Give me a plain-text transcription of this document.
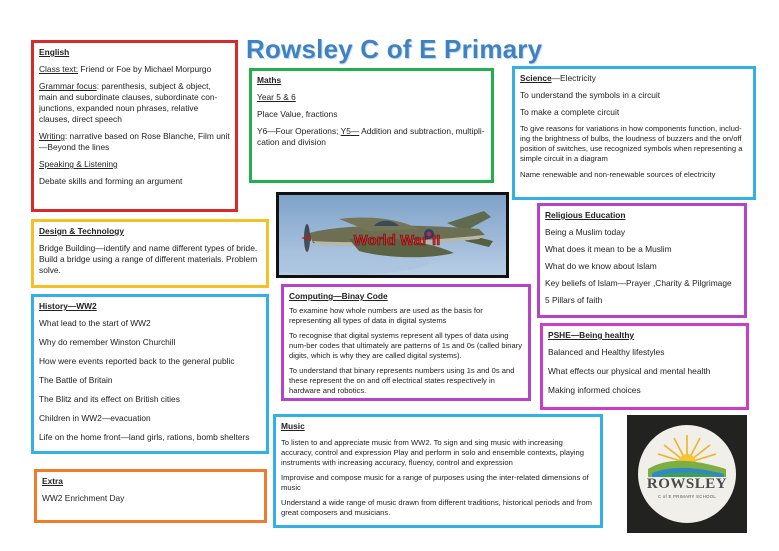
Rowsley C of E Primary

English

Class text: Friend or Foe by Michael Morpurgo

Grammar focus: parenthesis, subject & object, main and subordinate clauses, subordinate con-junctions, expanded noun phrases, relative clauses, direct speech

Writing: narrative based on Rose Blanche, Film unit—Beyond the lines

Speaking & Listening

Debate skills and forming an argument

Maths

Year 5 & 6

Place Value, fractions

Y6—Four Operations; Y5— Addition and subtraction, multipli-cation and division

Science—Electricity

To understand the symbols in a circuit

To make a complete circuit

To give reasons for variations in how components function, includ-ing the brightness of bulbs, the loudness of buzzers and the on/off position of switches, use recognized symbols when representing a simple circuit in a diagram

Name renewable and non-renewable sources of electricity

Design & Technology

Bridge Building—identify and name different types of bride. Build a bridge using a range of different materials. Problem solve.

World War II

Religious Education

Being a Muslim today

What does it mean to be a Muslim

What do we know about Islam

Key beliefs of Islam—Prayer ,Charity & Pilgrimage

5 Pillars of faith

History—WW2

What lead to the start of WW2

Why do remember Winston Churchill

How were events reported back to the general public

The Battle of Britain

The Blitz and its effect on British cities

Children in WW2—evacuation

Life on the home front—land girls, rations, bomb shelters

Computing—Binay Code

To examine how whole numbers are used as the basis for representing all types of data in digital systems

To recognise that digital systems represent all types of data using num-ber codes that ultimately are patterns of 1s and 0s (called binary digits, which is why they are called digital systems).

To understand that binary represents numbers using 1s and 0s and these represent the on and off electrical states respectively in hardware and robotics.

PSHE—Being healthy

Balanced and Healthy lifestyles

What effects our physical and mental health

Making informed choices

Music

To listen to and appreciate music from WW2. To sign and sing music with increasing accuracy, control and expression Play and perform in solo and ensemble contexts, playing instruments with increasing accuracy, fluency, control and expression

Improvise and compose music for a range of purposes using the inter-related dimensions of music

Understand a wide range of music drawn from different traditions, historical periods and from great composers and musicians.

Extra

WW2 Enrichment Day

ROWSLEY
C of E PRIMARY SCHOOL
